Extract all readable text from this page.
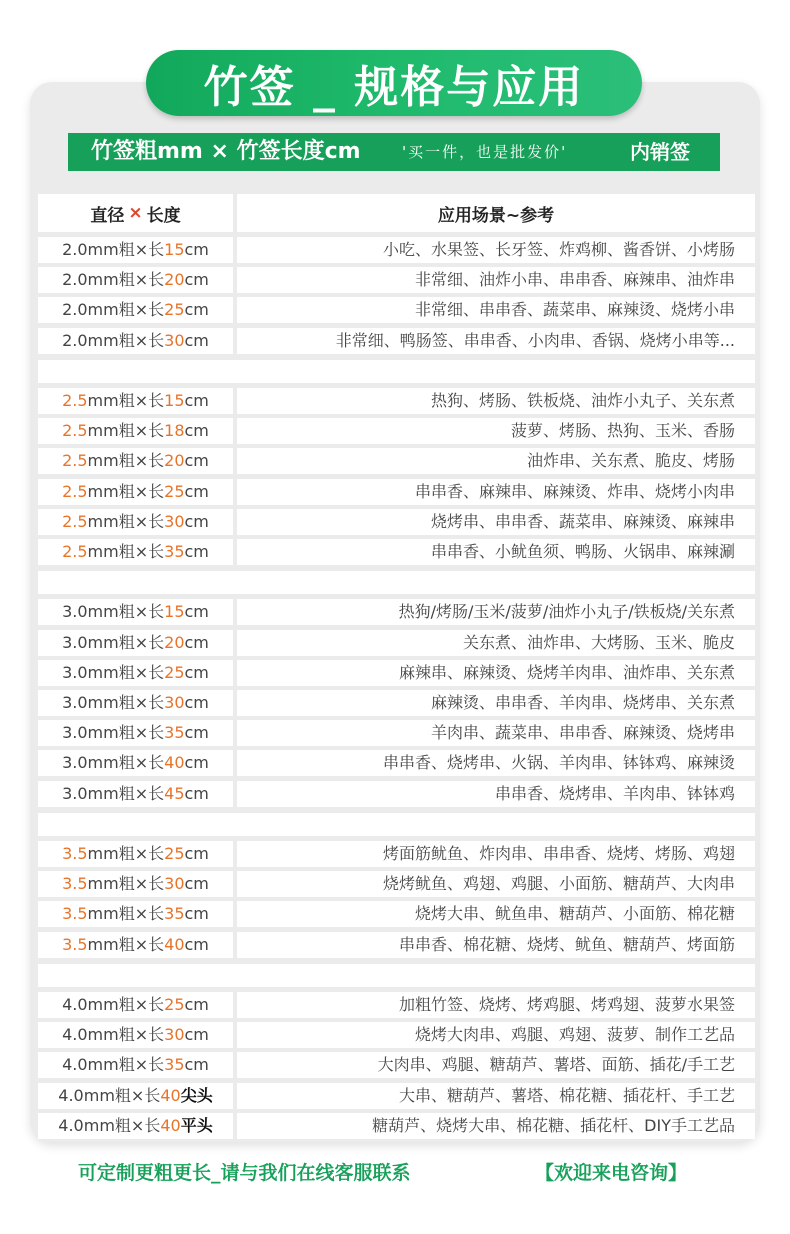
竹签 _ 规格与应用
竹签粗mm × 竹签长度cm	'买一件，也是批发价'	内销签
直径 × 长度	应用场景~参考
2.0mm粗×长15cm	小吃、水果签、长牙签、炸鸡柳、酱香饼、小烤肠
2.0mm粗×长20cm	非常细、油炸小串、串串香、麻辣串、油炸串
2.0mm粗×长25cm	非常细、串串香、蔬菜串、麻辣烫、烧烤小串
2.0mm粗×长30cm	非常细、鸭肠签、串串香、小肉串、香锅、烧烤小串等...
2.5mm粗×长15cm	热狗、烤肠、铁板烧、油炸小丸子、关东煮
2.5mm粗×长18cm	菠萝、烤肠、热狗、玉米、香肠
2.5mm粗×长20cm	油炸串、关东煮、脆皮、烤肠
2.5mm粗×长25cm	串串香、麻辣串、麻辣烫、炸串、烧烤小肉串
2.5mm粗×长30cm	烧烤串、串串香、蔬菜串、麻辣烫、麻辣串
2.5mm粗×长35cm	串串香、小鱿鱼须、鸭肠、火锅串、麻辣涮
3.0mm粗×长15cm	热狗/烤肠/玉米/菠萝/油炸小丸子/铁板烧/关东煮
3.0mm粗×长20cm	关东煮、油炸串、大烤肠、玉米、脆皮
3.0mm粗×长25cm	麻辣串、麻辣烫、烧烤羊肉串、油炸串、关东煮
3.0mm粗×长30cm	麻辣烫、串串香、羊肉串、烧烤串、关东煮
3.0mm粗×长35cm	羊肉串、蔬菜串、串串香、麻辣烫、烧烤串
3.0mm粗×长40cm	串串香、烧烤串、火锅、羊肉串、钵钵鸡、麻辣烫
3.0mm粗×长45cm	串串香、烧烤串、羊肉串、钵钵鸡
3.5mm粗×长25cm	烤面筋鱿鱼、炸肉串、串串香、烧烤、烤肠、鸡翅
3.5mm粗×长30cm	烧烤鱿鱼、鸡翅、鸡腿、小面筋、糖葫芦、大肉串
3.5mm粗×长35cm	烧烤大串、鱿鱼串、糖葫芦、小面筋、棉花糖
3.5mm粗×长40cm	串串香、棉花糖、烧烤、鱿鱼、糖葫芦、烤面筋
4.0mm粗×长25cm	加粗竹签、烧烤、烤鸡腿、烤鸡翅、菠萝水果签
4.0mm粗×长30cm	烧烤大肉串、鸡腿、鸡翅、菠萝、制作工艺品
4.0mm粗×长35cm	大肉串、鸡腿、糖葫芦、薯塔、面筋、插花/手工艺
4.0mm粗×长40尖头	大串、糖葫芦、薯塔、棉花糖、插花杆、手工艺
4.0mm粗×长40平头	糖葫芦、烧烤大串、棉花糖、插花杆、DIY手工艺品
可定制更粗更长_请与我们在线客服联系	【欢迎来电咨询】
